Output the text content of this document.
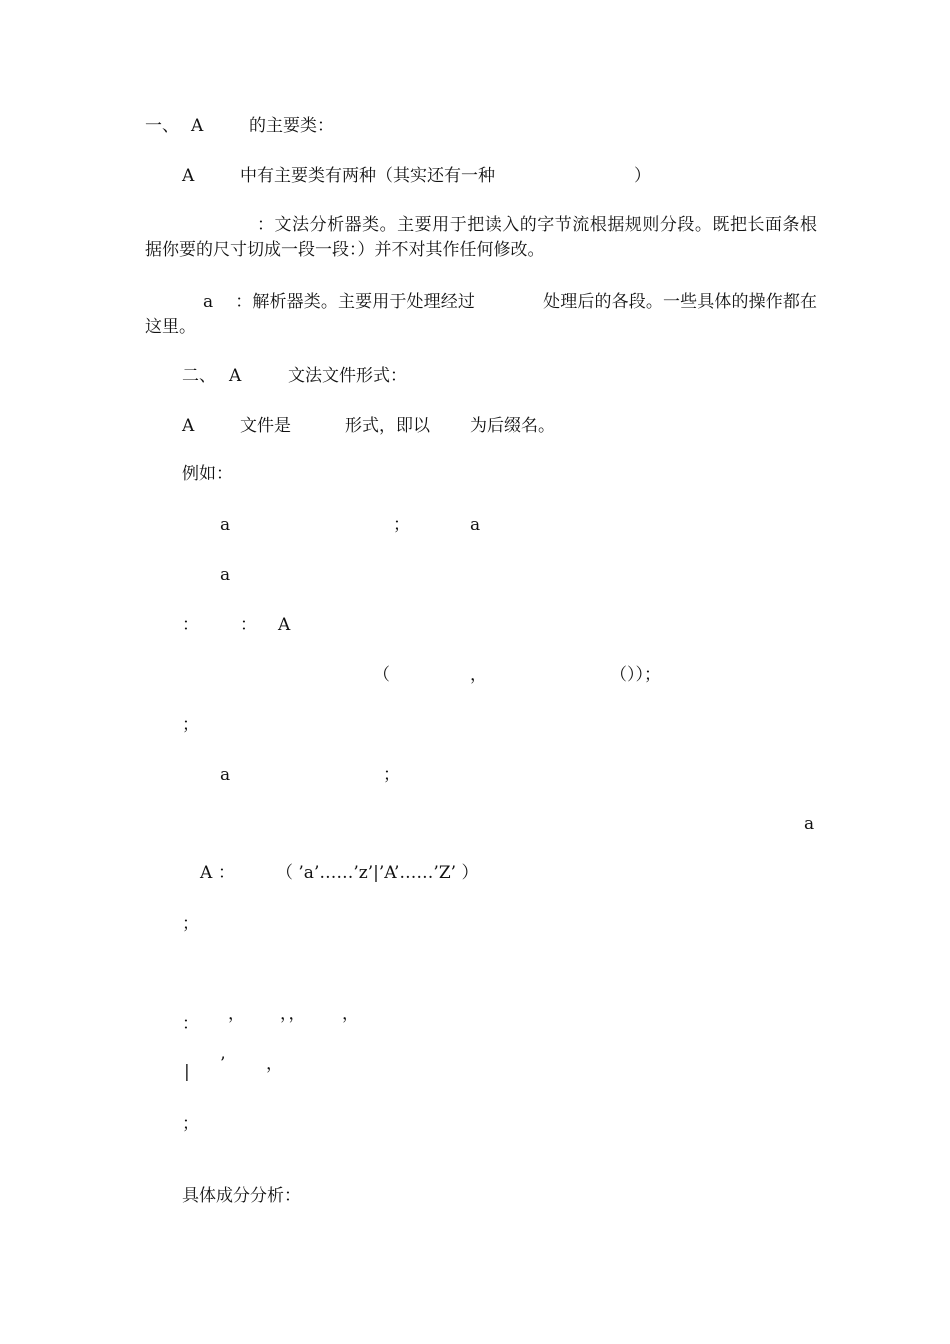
一、 A	的主要类：
A	中有主要类有两种（其实还有一种	）
：文法分析器类。主要用于把读入的字节流根据规则分段。既把长面条根据你要的尺寸切成一段一段：）并不对其作任何修改。
a ：解析器类。主要用于处理经过	处理后的各段。一些具体的操作都在这里。
二、 A	文法文件形式：
A	文件是	形式，即以 为后缀名。
例如：
a	；	a
a
： ： A
（	，	（））；
；
a	；
a
A ： （ ’a’……’z’|’A’……’Z’ ）
；
： ， ，， ，
| ’ ，
；
具体成分分析：
